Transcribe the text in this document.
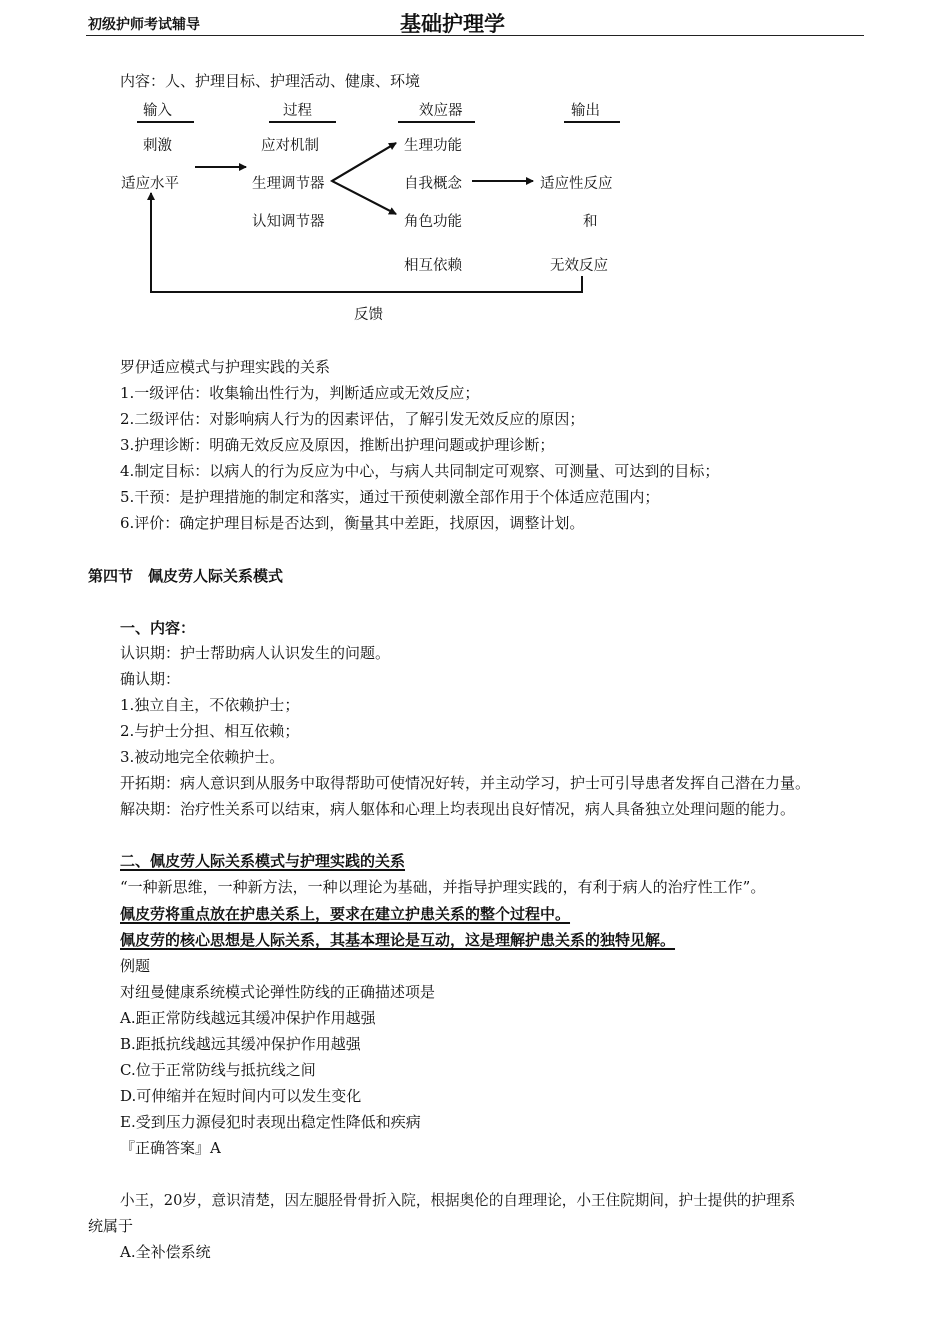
初级护师考试辅导	基础护理学
内容：人、护理目标、护理活动、健康、环境
输入	过程	效应器	输出
刺激
适应水平
应对机制
生理调节器
认知调节器
生理功能
自我概念
角色功能
相互依赖
适应性反应
和
无效反应
反馈
罗伊适应模式与护理实践的关系
1.一级评估：收集输出性行为，判断适应或无效反应；
2.二级评估：对影响病人行为的因素评估，了解引发无效反应的原因；
3.护理诊断：明确无效反应及原因，推断出护理问题或护理诊断；
4.制定目标：以病人的行为反应为中心，与病人共同制定可观察、可测量、可达到的目标；
5.干预：是护理措施的制定和落实，通过干预使刺激全部作用于个体适应范围内；
6.评价：确定护理目标是否达到，衡量其中差距，找原因，调整计划。
第四节　佩皮劳人际关系模式
一、内容：
认识期：护士帮助病人认识发生的问题。
确认期：
1.独立自主，不依赖护士；
2.与护士分担、相互依赖；
3.被动地完全依赖护士。
开拓期：病人意识到从服务中取得帮助可使情况好转，并主动学习，护士可引导患者发挥自己潜在力量。
解决期：治疗性关系可以结束，病人躯体和心理上均表现出良好情况，病人具备独立处理问题的能力。
二、佩皮劳人际关系模式与护理实践的关系
“一种新思维，一种新方法，一种以理论为基础，并指导护理实践的，有利于病人的治疗性工作”。
佩皮劳将重点放在护患关系上，要求在建立护患关系的整个过程中。
佩皮劳的核心思想是人际关系，其基本理论是互动，这是理解护患关系的独特见解。
例题
对纽曼健康系统模式论弹性防线的正确描述项是
A.距正常防线越远其缓冲保护作用越强
B.距抵抗线越远其缓冲保护作用越强
C.位于正常防线与抵抗线之间
D.可伸缩并在短时间内可以发生变化
E.受到压力源侵犯时表现出稳定性降低和疾病
『正确答案』A
小王，20岁，意识清楚，因左腿胫骨骨折入院，根据奥伦的自理理论，小王住院期间，护士提供的护理系
统属于
A.全补偿系统
